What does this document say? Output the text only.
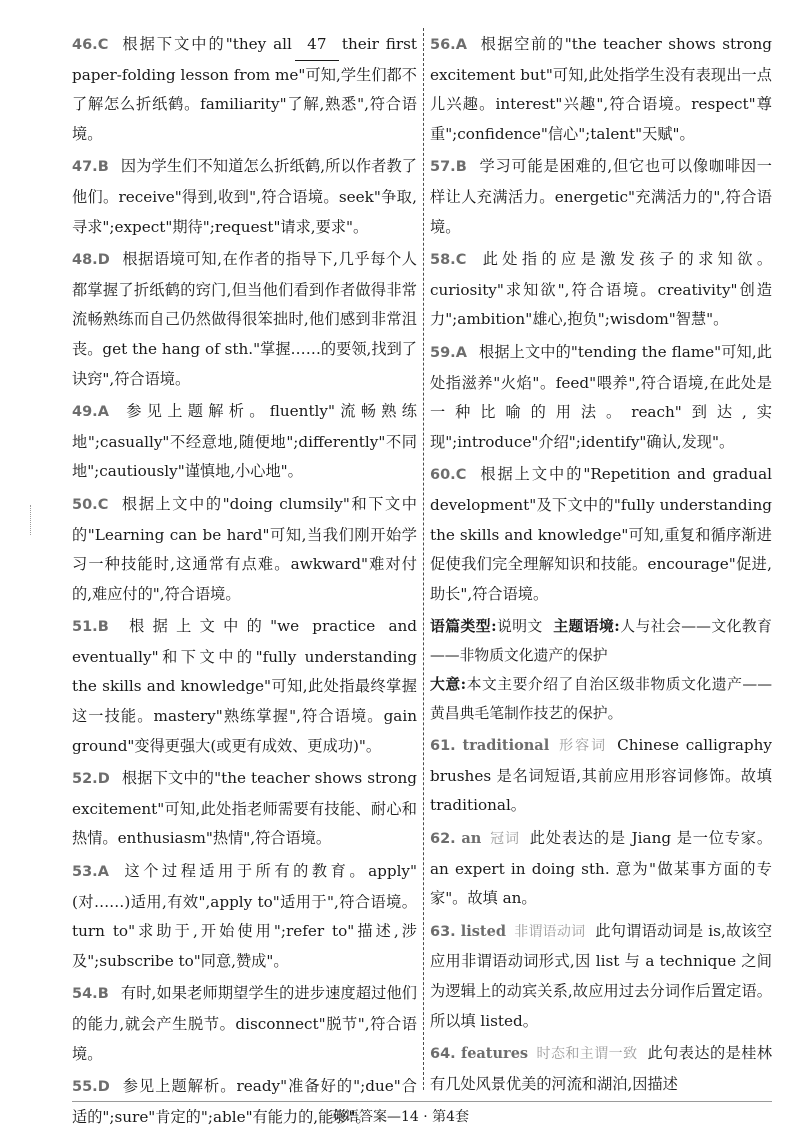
46.C 根据下文中的"they all 47 their first paper-folding lesson from me"可知,学生们都不了解怎么折纸鹤。familiarity"了解,熟悉",符合语境。
47.B 因为学生们不知道怎么折纸鹤,所以作者教了他们。receive"得到,收到",符合语境。seek"争取,寻求";expect"期待";request"请求,要求"。
48.D 根据语境可知,在作者的指导下,几乎每个人都掌握了折纸鹤的窍门,但当他们看到作者做得非常流畅熟练而自己仍然做得很笨拙时,他们感到非常沮丧。get the hang of sth."掌握……的要领,找到了诀窍",符合语境。
49.A 参见上题解析。fluently"流畅熟练地";casually"不经意地,随便地";differently"不同地";cautiously"谨慎地,小心地"。
50.C 根据上文中的"doing clumsily"和下文中的"Learning can be hard"可知,当我们刚开始学习一种技能时,这通常有点难。awkward"难对付的,难应付的",符合语境。
51.B 根据上文中的"we practice and eventually"和下文中的"fully understanding the skills and knowledge"可知,此处指最终掌握这一技能。mastery"熟练掌握",符合语境。gain ground"变得更强大(或更有成效、更成功)"。
52.D 根据下文中的"the teacher shows strong excitement"可知,此处指老师需要有技能、耐心和热情。enthusiasm"热情",符合语境。
53.A 这个过程适用于所有的教育。apply"(对……)适用,有效",apply to"适用于",符合语境。turn to"求助于,开始使用";refer to"描述,涉及";subscribe to"同意,赞成"。
54.B 有时,如果老师期望学生的进步速度超过他们的能力,就会产生脱节。disconnect"脱节",符合语境。
55.D 参见上题解析。ready"准备好的";due"合适的";sure"肯定的";able"有能力的,能够"。
56.A 根据空前的"the teacher shows strong excitement but"可知,此处指学生没有表现出一点儿兴趣。interest"兴趣",符合语境。respect"尊重";confidence"信心";talent"天赋"。
57.B 学习可能是困难的,但它也可以像咖啡因一样让人充满活力。energetic"充满活力的",符合语境。
58.C 此处指的应是激发孩子的求知欲。curiosity"求知欲",符合语境。creativity"创造力";ambition"雄心,抱负";wisdom"智慧"。
59.A 根据上文中的"tending the flame"可知,此处指滋养"火焰"。feed"喂养",符合语境,在此处是一种比喻的用法。reach"到达,实现";introduce"介绍";identify"确认,发现"。
60.C 根据上文中的"Repetition and gradual development"及下文中的"fully understanding the skills and knowledge"可知,重复和循序渐进促使我们完全理解知识和技能。encourage"促进,助长",符合语境。
语篇类型:说明文 主题语境:人与社会——文化教育——非物质文化遗产的保护
大意:本文主要介绍了自治区级非物质文化遗产——黄昌典毛笔制作技艺的保护。
61. traditional 形容词 Chinese calligraphy brushes 是名词短语,其前应用形容词修饰。故填 traditional。
62. an 冠词 此处表达的是 Jiang 是一位专家。an expert in doing sth. 意为"做某事方面的专家"。故填 an。
63. listed 非谓语动词 此句谓语动词是 is,故该空应用非谓语动词形式,因 list 与 a technique 之间为逻辑上的动宾关系,故应用过去分词作后置定语。所以填 listed。
64. features 时态和主谓一致 此句表达的是桂林有几处风景优美的河流和湖泊,因描述
英语答案—14 · 第4套
